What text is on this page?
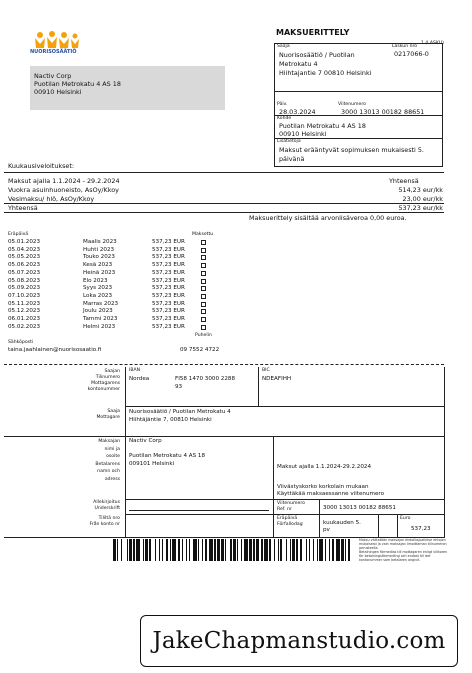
NUORISOSÄÄTIÖ
Nactiv Corp
Puotilan Metrokatu 4 AS 18
00910 Helsinki
MAKSUERITTELY
1 (LASKU)
Saaja	Laskun nro
0217066-0
Nuorisosäätiö / Puotilan
Metrokatu 4
Hiihtajantie 7 00810 Helsinki
Päiv.	Viitenumero
28.03.2024	3000 13013 00182 88651
Kohde
Puotilan Metrokatu 4 AS 18
00910 Helsinki
Lisätietoja
Maksut erääntyvät sopimuksen mukaisesti 5.
päivänä
Kuukausiveloitukset:
Maksut ajalla 1.1.2024 - 29.2.2024	Yhteensä
Vuokra asuinhuoneisto, AsOy/Kkoy	514,23 eur/kk
Vesimaksu/ hlö, AsOy/Kkoy	23,00 eur/kk
Yhteensä	537,23 eur/kk
Maksuerittely sisältää arvonlisäveroa 0,00 euroa.
Eräpäivä	Maksettu
05.01.2023	Maalis 2023	537,23 EUR
05.04.2023	Huhti 2023	537,23 EUR
05.05.2023	Touko 2023	537,23 EUR
05.06.2023	Kesä 2023	537,23 EUR
05.07.2023	Heinä 2023	537,23 EUR
05.08.2023	Elo 2023	537,23 EUR
05.09.2023	Syys 2023	537,23 EUR
07.10.2023	Loka 2023	537,23 EUR
05.11.2023	Marras 2023	537,23 EUR
05.12.2023	Joulu 2023	537,23 EUR
06.01.2023	Tammi 2023	537,23 EUR
05.02.2023	Helmi 2023	537,23 EUR
Puhelin
Sähköposti
taina.jaahlainen@nuorisosaatio.fi	09 7552 4722
Saajan
Tilinumero
Mottagarens
kontonummer
IBAN
Nordea	FI58 1470 3000 2288
93
BIC
NDEAFIHH
Saaja
Mottagare
Nuorisosäätiö / Puotilan Metrokatu 4
Hiihtäjäntie 7, 00810 Helsinki
Maksajan
nimi ja
osoite
Betalarens
namn och
adress
Nactiv Corp
Puotilan Metrokatu 4 AS 18
009101 Helsinki	Maksut ajalla 1.1.2024-29.2.2024
Viivästyskorko korkolain mukaan
Käyttäkää maksaessanne viitenumero
Allekirjoitus
Underskrift
Viitenumero
Ref. nr	3000 13013 00182 88651
Tililtä nro
Från konto nr
Eräpäivä
Förfallodag	kuukauden 5.
pv
Euro
537,23
Maksu välitetään maksajan ehdoilla/palkitse ehtojen
mukaisesti ja vain maksajan ilmoittaman tilinumeron
perusteella.
Betalningen förmedlas till mottagaren enligt villkoren
för betalningsförmedling och endast till det
kontonummer som betalaren angivit.
JakeChapmanstudio.com
